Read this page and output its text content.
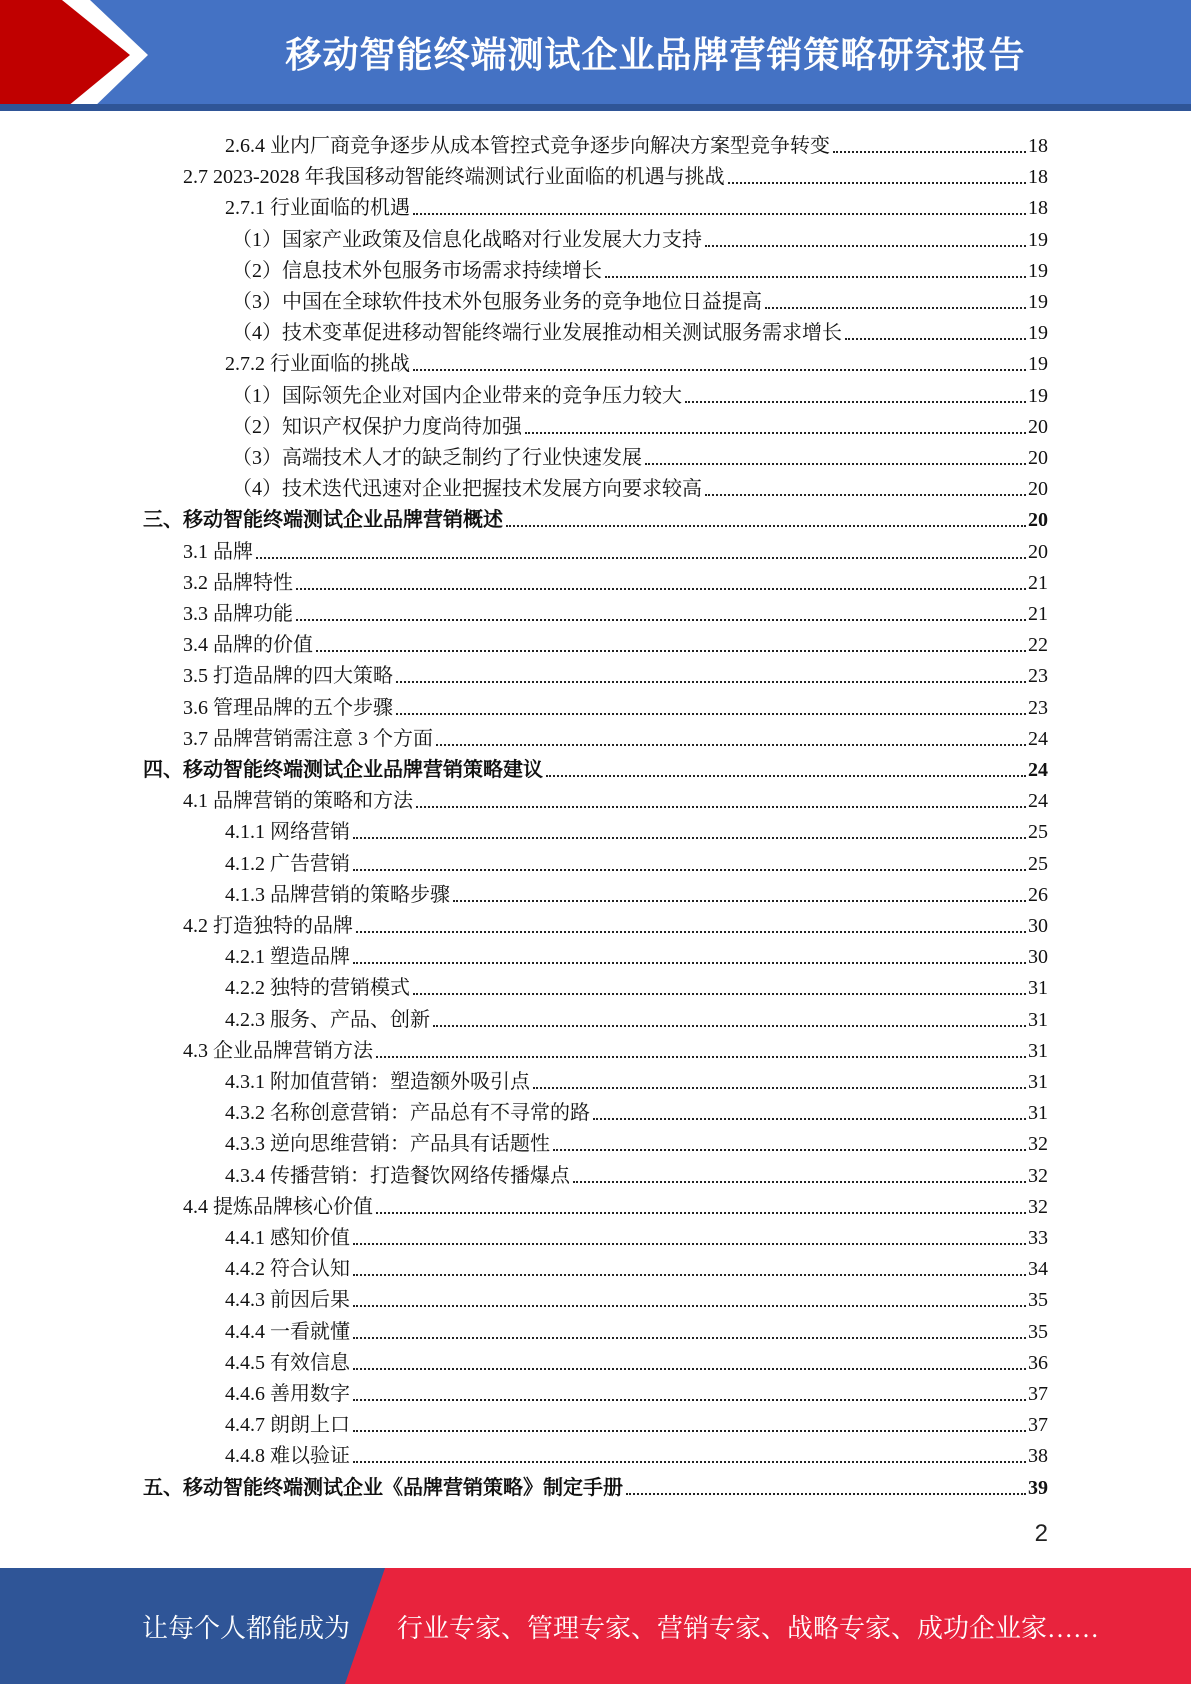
移动智能终端测试企业品牌营销策略研究报告
2.6.4 业内厂商竞争逐步从成本管控式竞争逐步向解决方案型竞争转变	18
2.7 2023-2028 年我国移动智能终端测试行业面临的机遇与挑战	18
2.7.1 行业面临的机遇	18
（1）国家产业政策及信息化战略对行业发展大力支持	19
（2）信息技术外包服务市场需求持续增长	19
（3）中国在全球软件技术外包服务业务的竞争地位日益提高	19
（4）技术变革促进移动智能终端行业发展推动相关测试服务需求增长	19
2.7.2 行业面临的挑战	19
（1）国际领先企业对国内企业带来的竞争压力较大	19
（2）知识产权保护力度尚待加强	20
（3）高端技术人才的缺乏制约了行业快速发展	20
（4）技术迭代迅速对企业把握技术发展方向要求较高	20
三、移动智能终端测试企业品牌营销概述	20
3.1 品牌	20
3.2 品牌特性	21
3.3 品牌功能	21
3.4 品牌的价值	22
3.5 打造品牌的四大策略	23
3.6 管理品牌的五个步骤	23
3.7 品牌营销需注意 3 个方面	24
四、移动智能终端测试企业品牌营销策略建议	24
4.1 品牌营销的策略和方法	24
4.1.1 网络营销	25
4.1.2 广告营销	25
4.1.3 品牌营销的策略步骤	26
4.2 打造独特的品牌	30
4.2.1 塑造品牌	30
4.2.2 独特的营销模式	31
4.2.3 服务、产品、创新	31
4.3 企业品牌营销方法	31
4.3.1 附加值营销：塑造额外吸引点	31
4.3.2 名称创意营销：产品总有不寻常的路	31
4.3.3 逆向思维营销：产品具有话题性	32
4.3.4 传播营销：打造餐饮网络传播爆点	32
4.4 提炼品牌核心价值	32
4.4.1 感知价值	33
4.4.2 符合认知	34
4.4.3 前因后果	35
4.4.4 一看就懂	35
4.4.5 有效信息	36
4.4.6 善用数字	37
4.4.7 朗朗上口	37
4.4.8 难以验证	38
五、移动智能终端测试企业《品牌营销策略》制定手册	39
2
让每个人都能成为 行业专家、管理专家、营销专家、战略专家、成功企业家……
